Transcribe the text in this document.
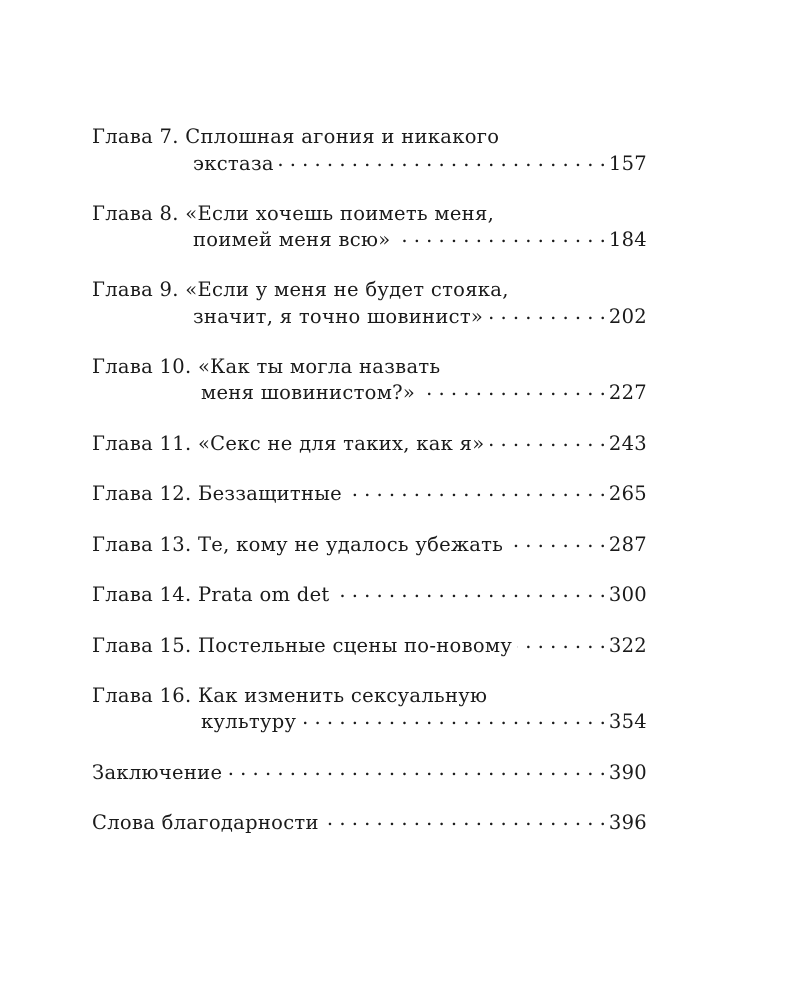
Глава 7. Сплошная агония и никакого
экстаза . . .	157
Глава 8. «Если хочешь поиметь меня,
поимей меня всю» . . .	184
Глава 9. «Если у меня не будет стояка,
значит, я точно шовинист» . . .	202
Глава 10. «Как ты могла назвать
меня шовинистом?» . . .	227
Глава 11. «Секс не для таких, как я» . . .	243
Глава 12. Беззащитные . . .	265
Глава 13. Те, кому не удалось убежать . . .	287
Глава 14. Prata om det . . .	300
Глава 15. Постельные сцены по-новому . . .	322
Глава 16. Как изменить сексуальную
культуру . . .	354
Заключение . . .	390
Слова благодарности . . .	396
